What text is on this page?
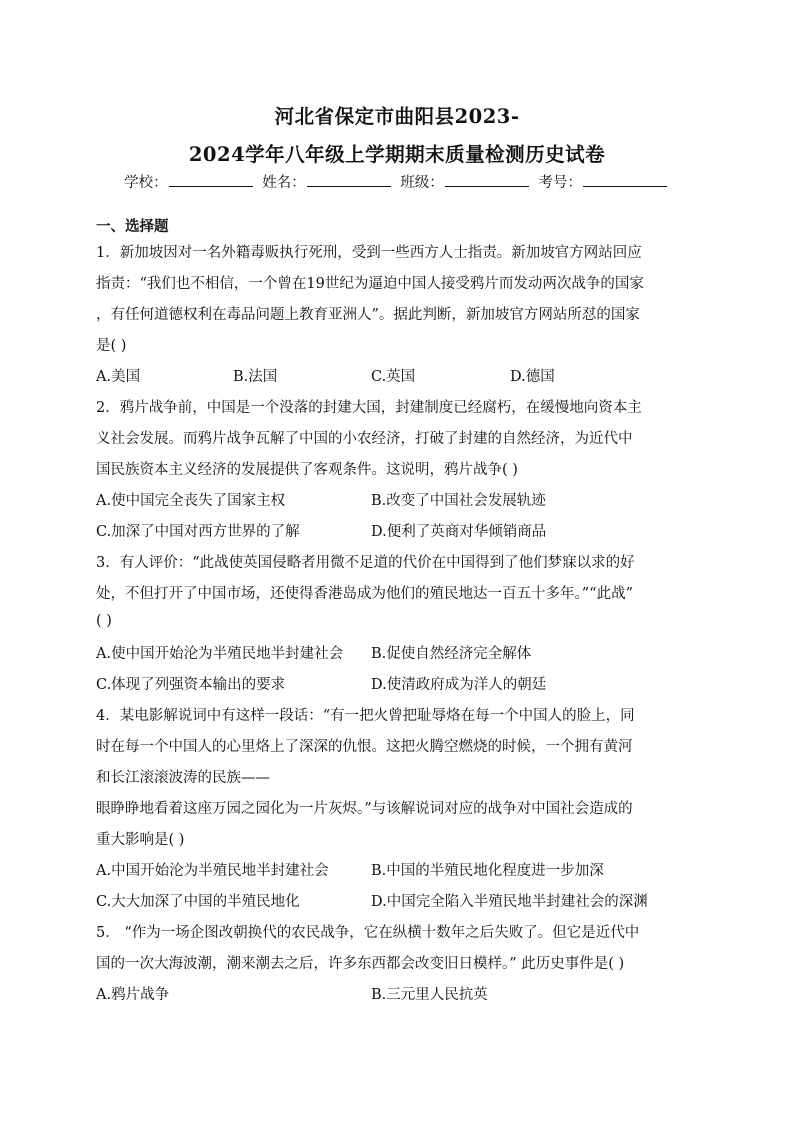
河北省保定市曲阳县2023-
2024学年八年级上学期期末质量检测历史试卷
学校：	姓名：	班级：	考号：
一、选择题
1．新加坡因对一名外籍毒贩执行死刑，受到一些西方人士指责。新加坡官方网站回应
指责：“我们也不相信，一个曾在19世纪为逼迫中国人接受鸦片而发动两次战争的国家
，有任何道德权利在毒品问题上教育亚洲人”。据此判断，新加坡官方网站所怼的国家
是( )
A.美国	B.法国	C.英国	D.德国
2．鸦片战争前，中国是一个没落的封建大国，封建制度已经腐朽，在缓慢地向资本主
义社会发展。而鸦片战争瓦解了中国的小农经济，打破了封建的自然经济，为近代中
国民族资本主义经济的发展提供了客观条件。这说明，鸦片战争( )
A.使中国完全丧失了国家主权	B.改变了中国社会发展轨迹
C.加深了中国对西方世界的了解	D.便利了英商对华倾销商品
3．有人评价：“此战使英国侵略者用微不足道的代价在中国得到了他们梦寐以求的好
处，不但打开了中国市场，还使得香港岛成为他们的殖民地达一百五十多年。”“此战”
( )
A.使中国开始沦为半殖民地半封建社会 B.促使自然经济完全解体
C.体现了列强资本输出的要求	D.使清政府成为洋人的朝廷
4．某电影解说词中有这样一段话：“有一把火曾把耻辱烙在每一个中国人的脸上，同
时在每一个中国人的心里烙上了深深的仇恨。这把火腾空燃烧的时候，一个拥有黄河
和长江滚滚波涛的民族——
眼睁睁地看着这座万园之园化为一片灰烬。”与该解说词对应的战争对中国社会造成的
重大影响是( )
A.中国开始沦为半殖民地半封建社会	B.中国的半殖民地化程度进一步加深
C.大大加深了中国的半殖民地化	D.中国完全陷入半殖民地半封建社会的深渊
5． “作为一场企图改朝换代的农民战争，它在纵横十数年之后失败了。但它是近代中
国的一次大海波潮，潮来潮去之后，许多东西都会改变旧日模样。” 此历史事件是( )
A.鸦片战争	B.三元里人民抗英
